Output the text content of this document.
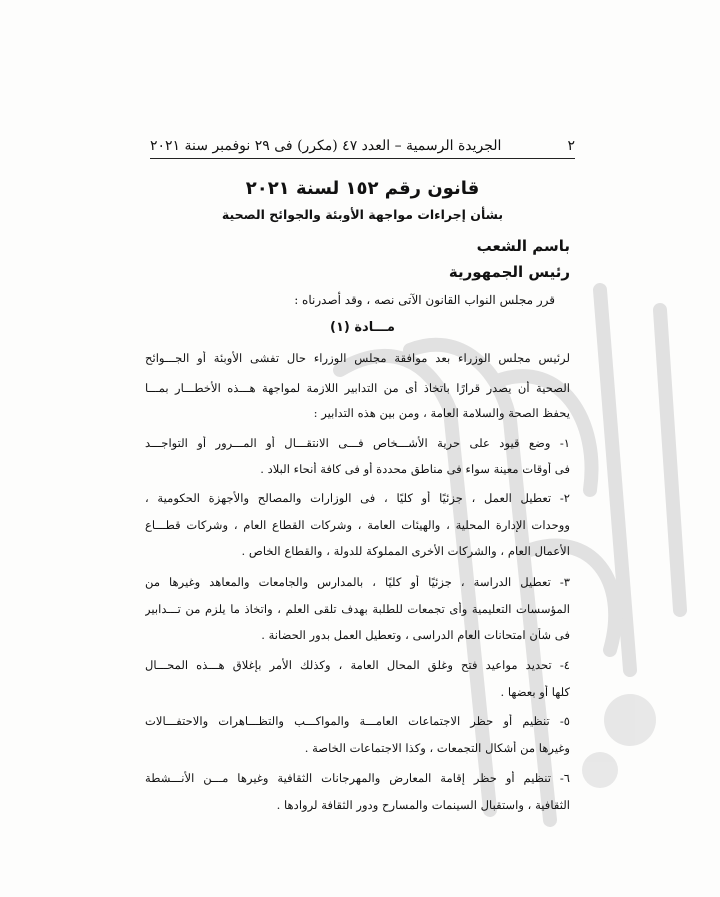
٢
الجريدة الرسمية – العدد ٤٧ (مكرر) فى ٢٩ نوفمبر سنة ٢٠٢١
قانون رقم ١٥٢ لسنة ٢٠٢١
بشأن إجراءات مواجهة الأوبئة والجوائح الصحية
باسم الشعب
رئيس الجمهورية
قرر مجلس النواب القانون الآتى نصه ، وقد أصدرناه :
مـــادة (١)
لرئيس مجلس الوزراء بعد موافقة مجلس الوزراء حال تفشى الأوبئة أو الجـــوائح
الصحية أن يصدر قرارًا باتخاذ أى من التدابير اللازمة لمواجهة هـــذه الأخطـــار بمـــا
يحفظ الصحة والسلامة العامة ، ومن بين هذه التدابير :
١- وضع قيود على حرية الأشـــخاص فـــى الانتقـــال أو المـــرور أو التواجـــد
فى أوقات معينة سواء فى مناطق محددة أو فى كافة أنحاء البلاد .
٢- تعطيل العمل ، جزئيًا أو كليًا ، فى الوزارات والمصالح والأجهزة الحكومية ،
ووحدات الإدارة المحلية ، والهيئات العامة ، وشركات القطاع العام ، وشركات قطـــاع
الأعمال العام ، والشركات الأخرى المملوكة للدولة ، والقطاع الخاص .
٣- تعطيل الدراسة ، جزئيًا أو كليًا ، بالمدارس والجامعات والمعاهد وغيرها من
المؤسسات التعليمية وأى تجمعات للطلبة بهدف تلقى العلم ، واتخاذ ما يلزم من تـــدابير
فى شأن امتحانات العام الدراسى ، وتعطيل العمل بدور الحضانة .
٤- تحديد مواعيد فتح وغلق المحال العامة ، وكذلك الأمر بإغلاق هـــذه المحـــال
كلها أو بعضها .
٥- تنظيم أو حظر الاجتماعات العامـــة والمواكـــب والتظـــاهرات والاحتفـــالات
وغيرها من أشكال التجمعات ، وكذا الاجتماعات الخاصة .
٦- تنظيم أو حظر إقامة المعارض والمهرجانات الثقافية وغيرها مـــن الأنـــشطة
الثقافية ، واستقبال السينمات والمسارح ودور الثقافة لروادها .
